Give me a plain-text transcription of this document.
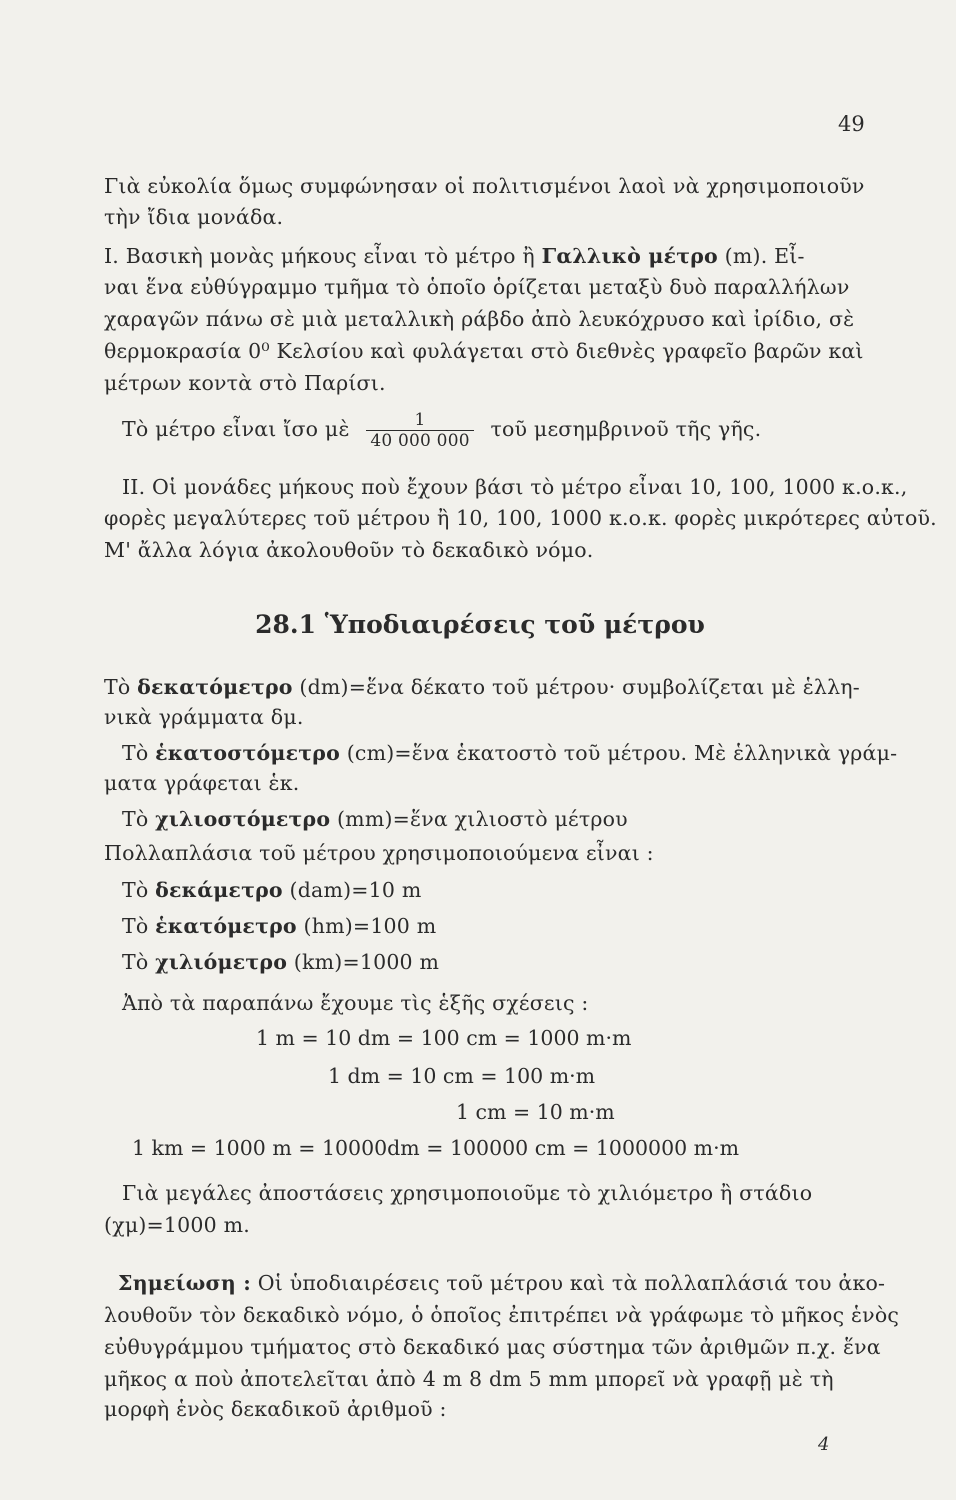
49
Γιὰ εὐκολία ὅμως συμφώνησαν οἱ πολιτισμένοι λαοὶ νὰ χρησιμοποιοῦν
τὴν ἴδια μονάδα.
Ι. Βασικὴ μονὰς μήκους εἶναι τὸ μέτρο ἢ Γαλλικὸ μέτρο (m). Εἶ-
ναι ἕνα εὐθύγραμμο τμῆμα τὸ ὁποῖο ὁρίζεται μεταξὺ δυὸ παραλλήλων
χαραγῶν πάνω σὲ μιὰ μεταλλικὴ ράβδο ἀπὸ λευκόχρυσο καὶ ἰρίδιο, σὲ
θερμοκρασία 0⁰ Κελσίου καὶ φυλάγεται στὸ διεθνὲς γραφεῖο βαρῶν καὶ
μέτρων κοντὰ στὸ Παρίσι.
Τὸ μέτρο εἶναι ἴσο μὲ $\frac{1}{40 000 000}$ τοῦ μεσημβρινοῦ τῆς γῆς.
ΙΙ. Οἱ μονάδες μήκους ποὺ ἔχουν βάσι τὸ μέτρο εἶναι 10, 100, 1000 κ.ο.κ.,
φορὲς μεγαλύτερες τοῦ μέτρου ἢ 10, 100, 1000 κ.ο.κ. φορὲς μικρότερες αὐτοῦ.
Μ' ἄλλα λόγια ἀκολουθοῦν τὸ δεκαδικὸ νόμο.
28.1 Ὑποδιαιρέσεις τοῦ μέτρου
Τὸ δεκατόμετρο (dm)=ἕνα δέκατο τοῦ μέτρου· συμβολίζεται μὲ ἑλλη-
νικὰ γράμματα δμ.
Τὸ ἑκατοστόμετρο (cm)=ἕνα ἑκατοστὸ τοῦ μέτρου. Μὲ ἑλληνικὰ γράμ-
ματα γράφεται ἑκ.
Τὸ χιλιοστόμετρο (mm)=ἕνα χιλιοστὸ μέτρου
Πολλαπλάσια τοῦ μέτρου χρησιμοποιούμενα εἶναι :
Τὸ δεκάμετρο (dam)=10 m
Τὸ ἑκατόμετρο (hm)=100 m
Τὸ χιλιόμετρο (km)=1000 m
Ἀπὸ τὰ παραπάνω ἔχουμε τὶς ἑξῆς σχέσεις :
1 m = 10 dm = 100 cm = 1000 m·m
1 dm = 10 cm = 100 m·m
1 cm = 10 m·m
1 km = 1000 m = 10000dm = 100000 cm = 1000000 m·m
Γιὰ μεγάλες ἀποστάσεις χρησιμοποιοῦμε τὸ χιλιόμετρο ἢ στάδιο
(χμ)=1000 m.
Σημείωση : Οἱ ὑποδιαιρέσεις τοῦ μέτρου καὶ τὰ πολλαπλάσιά του ἀκο-
λουθοῦν τὸν δεκαδικὸ νόμο, ὁ ὁποῖος ἐπιτρέπει νὰ γράφωμε τὸ μῆκος ἑνὸς
εὐθυγράμμου τμήματος στὸ δεκαδικό μας σύστημα τῶν ἀριθμῶν π.χ. ἕνα
μῆκος α ποὺ ἀποτελεῖται ἀπὸ 4 m 8 dm 5 mm μπορεῖ νὰ γραφῇ μὲ τὴ
μορφὴ ἑνὸς δεκαδικοῦ ἀριθμοῦ :
4
